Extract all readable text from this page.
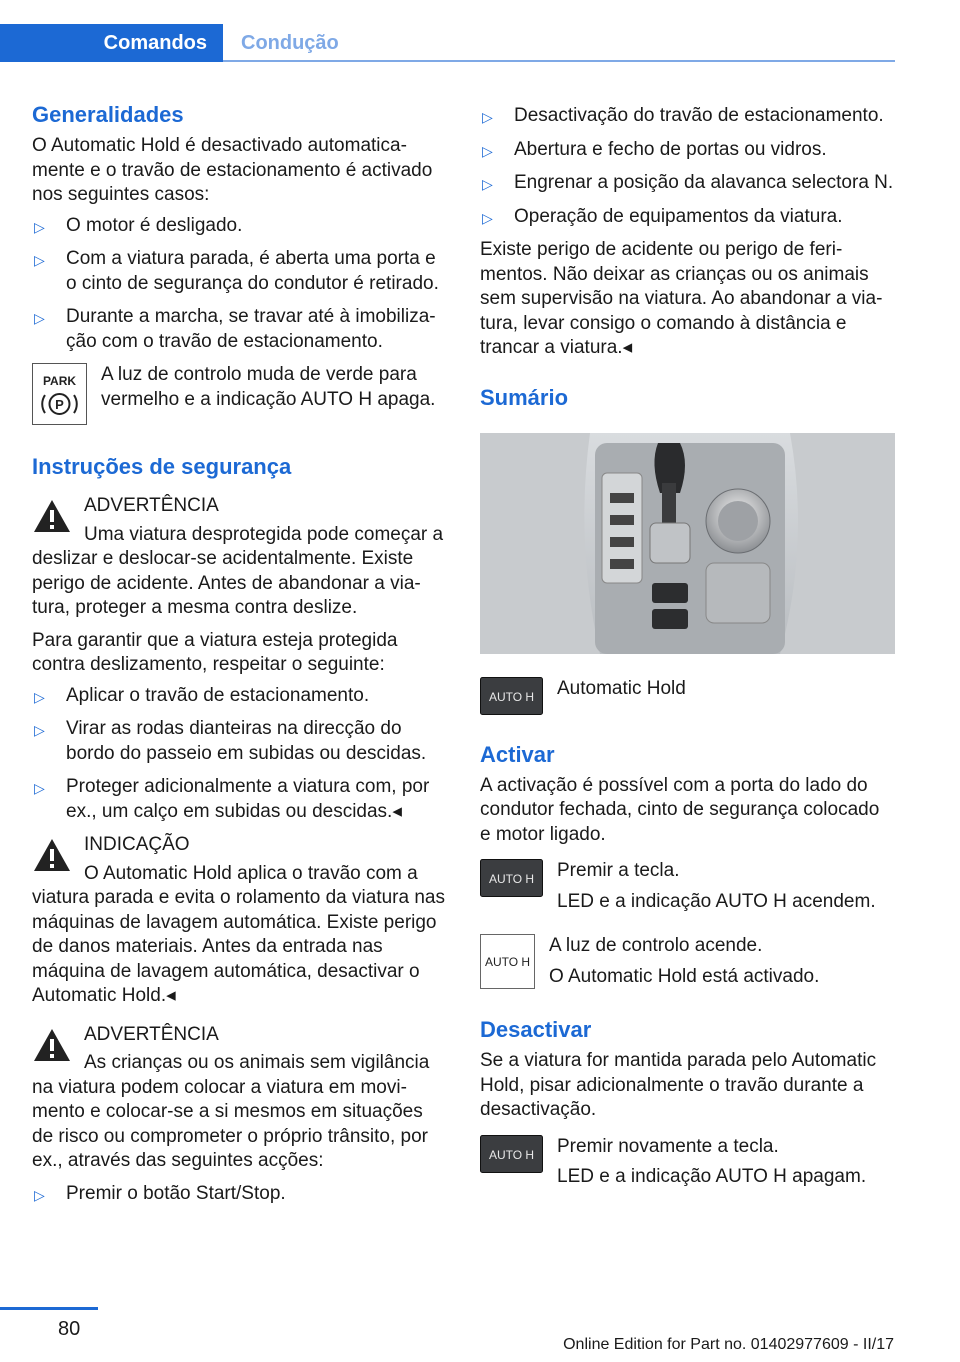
Comandos	Condução
Generalidades

O Automatic Hold é desactivado automaticamente e o travão de estacionamento é activado nos seguintes casos:

▷ O motor é desligado.
▷ Com a viatura parada, é aberta uma porta e o cinto de segurança do condutor é retirado.
▷ Durante a marcha, se travar até à imobilização com o travão de estacionamento.
PARK
P

A luz de controlo muda de verde para vermelho e a indicação AUTO H apaga.

Instruções de segurança
ADVERTÊNCIA

Uma viatura desprotegida pode começar a deslizar e deslocar-se acidentalmente. Existe perigo de acidente. Antes de abandonar a viatura, proteger a mesma contra deslize.

Para garantir que a viatura esteja protegida contra deslizamento, respeitar o seguinte:

▷ Aplicar o travão de estacionamento.
▷ Virar as rodas dianteiras na direcção do bordo do passeio em subidas ou descidas.
▷ Proteger adicionalmente a viatura com, por ex., um calço em subidas ou descidas.◂
INDICAÇÃO

O Automatic Hold aplica o travão com a viatura parada e evita o rolamento da viatura nas máquinas de lavagem automática. Existe perigo de danos materiais. Antes da entrada nas máquina de lavagem automática, desactivar o Automatic Hold.◂

ADVERTÊNCIA

As crianças ou os animais sem vigilância na viatura podem colocar a viatura em movimento e colocar-se a si mesmos em situações de risco ou comprometer o próprio trânsito, por ex., através das seguintes acções:

▷ Premir o botão Start/Stop.
▷ Desactivação do travão de estacionamento.
▷ Abertura e fecho de portas ou vidros.
▷ Engrenar a posição da alavanca selectora N.
▷ Operação de equipamentos da viatura.

Existe perigo de acidente ou perigo de ferimentos. Não deixar as crianças ou os animais sem supervisão na viatura. Ao abandonar a viatura, levar consigo o comando à distância e trancar a viatura.◂

Sumário
AUTO H Automatic Hold

Activar

A activação é possível com a porta do lado do condutor fechada, cinto de segurança colocado e motor ligado.

AUTO H Premir a tecla.

LED e a indicação AUTO H acendem.

AUTO H

A luz de controlo acende.

O Automatic Hold está activado.

Desactivar

Se a viatura for mantida parada pelo Automatic Hold, pisar adicionalmente o travão durante a desactivação.

AUTO H Premir novamente a tecla.

LED e a indicação AUTO H apagam.

80
Online Edition for Part no. 01402977609 - II/17
